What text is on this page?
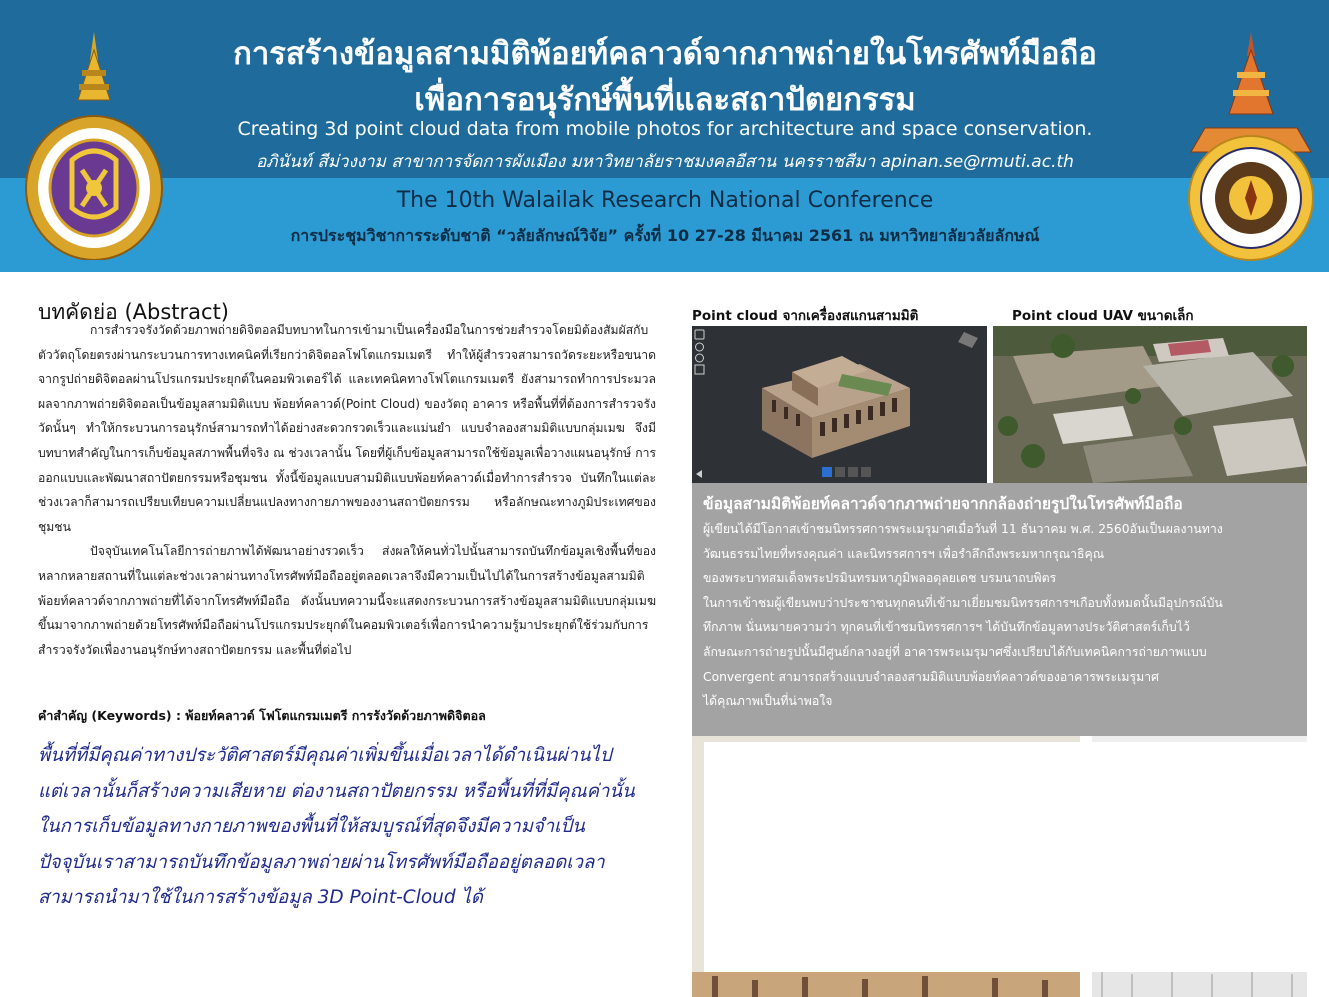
การสร้างข้อมูลสามมิติพ้อยท์คลาวด์จากภาพถ่ายในโทรศัพท์มือถือ
เพื่อการอนุรักษ์พื้นที่และสถาปัตยกรรม
Creating 3d point cloud data from mobile photos for architecture and space conservation.
อภินันท์ สีม่วงงาม สาขาการจัดการผังเมือง มหาวิทยาลัยราชมงคลอีสาน นครราชสีมา apinan.se@rmuti.ac.th
The 10th Walailak Research National Conference
การประชุมวิชาการระดับชาติ “วลัยลักษณ์วิจัย” ครั้งที่ 10 27-28 มีนาคม 2561 ณ มหาวิทยาลัยวลัยลักษณ์
บทคัดย่อ (Abstract)

การสำรวจรังวัดด้วยภาพถ่ายดิจิตอลมีบทบาทในการเข้ามาเป็นเครื่องมือในการช่วยสำรวจโดยมิต้องสัมผัสกับตัววัตถุโดยตรงผ่านกระบวนการทางเทคนิคที่เรียกว่าดิจิตอลโฟโตแกรมเมตรี ทำให้ผู้สำรวจสามารถวัดระยะหรือขนาดจากรูปถ่ายดิจิตอลผ่านโปรแกรมประยุกต์ในคอมพิวเตอร์ได้ และเทคนิคทางโฟโตแกรมเมตรี ยังสามารถทำการประมวลผลจากภาพถ่ายดิจิตอลเป็นข้อมูลสามมิติแบบ พ้อยท์คลาวด์(Point Cloud) ของวัตถุ อาคาร หรือพื้นที่ที่ต้องการสำรวจรังวัดนั้นๆ ทำให้กระบวนการอนุรักษ์สามารถทำได้อย่างสะดวกรวดเร็วและแม่นยำ แบบจำลองสามมิติแบบกลุ่มเมฆ จึงมีบทบาทสำคัญในการเก็บข้อมูลสภาพพื้นที่จริง ณ ช่วงเวลานั้น โดยที่ผู้เก็บข้อมูลสามารถใช้ข้อมูลเพื่อวางแผนอนุรักษ์ การออกแบบและพัฒนาสถาปัตยกรรมหรือชุมชน ทั้งนี้ข้อมูลแบบสามมิติแบบพ้อยท์คลาวด์เมื่อทำการสำรวจ บันทึกในแต่ละช่วงเวลาก็สามารถเปรียบเทียบความเปลี่ยนแปลงทางกายภาพของงานสถาปัตยกรรม หรือลักษณะทางภูมิประเทศของชุมชน

ปัจจุบันเทคโนโลยีการถ่ายภาพได้พัฒนาอย่างรวดเร็ว ส่งผลให้คนทั่วไปนั้นสามารถบันทึกข้อมูลเชิงพื้นที่ของหลากหลายสถานที่ในแต่ละช่วงเวลาผ่านทางโทรศัพท์มือถืออยู่ตลอดเวลาจึงมีความเป็นไปได้ในการสร้างข้อมูลสามมิติพ้อยท์คลาวด์จากภาพถ่ายที่ได้จากโทรศัพท์มือถือ ดังนั้นบทความนี้จะแสดงกระบวนการสร้างข้อมูลสามมิติแบบกลุ่มเมฆขึ้นมาจากภาพถ่ายด้วยโทรศัพท์มือถือผ่านโปรแกรมประยุกต์ในคอมพิวเตอร์เพื่อการนำความรู้มาประยุกต์ใช้ร่วมกับการสำรวจรังวัดเพื่องานอนุรักษ์ทางสถาปัตยกรรม และพื้นที่ต่อไป

คำสำคัญ (Keywords) : พ้อยท์คลาวด์ โฟโตแกรมเมตรี การรังวัดด้วยภาพดิจิตอล
พื้นที่ที่มีคุณค่าทางประวัติศาสตร์มีคุณค่าเพิ่มขึ้นเมื่อเวลาได้ดำเนินผ่านไป
แต่เวลานั้นก็สร้างความเสียหาย ต่องานสถาปัตยกรรม หรือพื้นที่ที่มีคุณค่านั้น
ในการเก็บข้อมูลทางกายภาพของพื้นที่ให้สมบูรณ์ที่สุดจึงมีความจำเป็น
ปัจจุบันเราสามารถบันทึกข้อมูลภาพถ่ายผ่านโทรศัพท์มือถืออยู่ตลอดเวลา
สามารถนำมาใช้ในการสร้างข้อมูล 3D Point-Cloud ได้
Point cloud จากเครื่องสแกนสามมิติ	Point cloud UAV ขนาดเล็ก
ข้อมูลสามมิติพ้อยท์คลาวด์จากภาพถ่ายจากกล้องถ่ายรูปในโทรศัพท์มือถือ
ผู้เขียนได้มีโอกาสเข้าชมนิทรรศการพระเมรุมาศเมื่อวันที่ 11 ธันวาคม พ.ศ. 2560อันเป็นผลงานทาง
วัฒนธรรมไทยที่ทรงคุณค่า และนิทรรศการฯ เพื่อรำลึกถึงพระมหากรุณาธิคุณ
ของพระบาทสมเด็จพระปรมินทรมหาภูมิพลอดุลยเดช บรมนาถบพิตร
ในการเข้าชมผู้เขียนพบว่าประชาชนทุกคนที่เข้ามาเยี่ยมชมนิทรรศการฯเกือบทั้งหมดนั้นมีอุปกรณ์บัน
ทึกภาพ นั่นหมายความว่า ทุกคนที่เข้าชมนิทรรศการฯ ได้บันทึกข้อมูลทางประวัติศาสตร์เก็บไว้
ลักษณะการถ่ายรูปนั้นมีศูนย์กลางอยู่ที่ อาคารพระเมรุมาศซึ่งเปรียบได้กับเทคนิคการถ่ายภาพแบบ
Convergent สามารถสร้างแบบจำลองสามมิติแบบพ้อยท์คลาวด์ของอาคารพระเมรุมาศ
ได้คุณภาพเป็นที่น่าพอใจ
